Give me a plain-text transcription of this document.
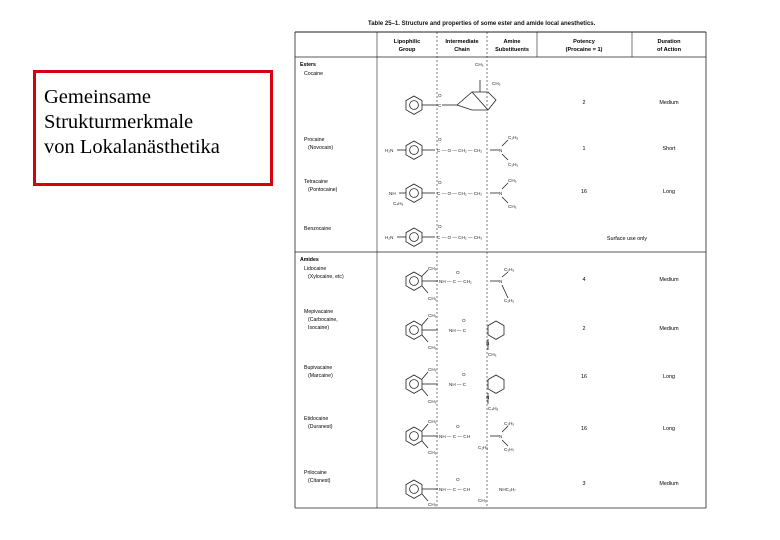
Gemeinsame
Strukturmerkmale
von Lokalanästhetika
Table 25–1. Structure and properties of some ester and amide local anesthetics.
Lipophilic
Group
Intermediate
Chain
Amine
Substituents
Potency
(Procaine = 1)
Duration
of Action
Esters
Amides
Cocaine
Procaine
(Novocain)
Tetracaine
(Pontocaine)
Benzocaine
Lidocaine
(Xylocaine, etc)
Mepivacaine
(Carbocaine,
Isocaine)
Bupivacaine
(Marcaine)
Etidocaine
(Duranest)
Prilocaine
(Citanest)
2
1
16
4
2
16
16
3
Medium
Short
Long
Surface use only
Medium
Medium
Long
Long
Medium
CH₃
C
O
CH₃
H₂N	C — O — CH₂ — CH₂
O
N
C₂H₅
C₂H₅
NH
C₄H₉
C — O — CH₂ — CH₂
O
N
CH₃
CH₃
H₂N	C — O — CH₂ — CH₃
O
CH₃
CH₃
NH — C — CH₂
O
N
C₂H₅
C₂H₅
CH₃
CH₃
NH — C
O
N
CH₃
CH₃
CH₃
NH — C
O
N
C₄H₉
CH₃
CH₃
NH — C — CH
O
C₂H₅
N
C₂H₅
C₃H₇
CH₃
NH — C — CH
O
CH₃
NHC₃H₇
